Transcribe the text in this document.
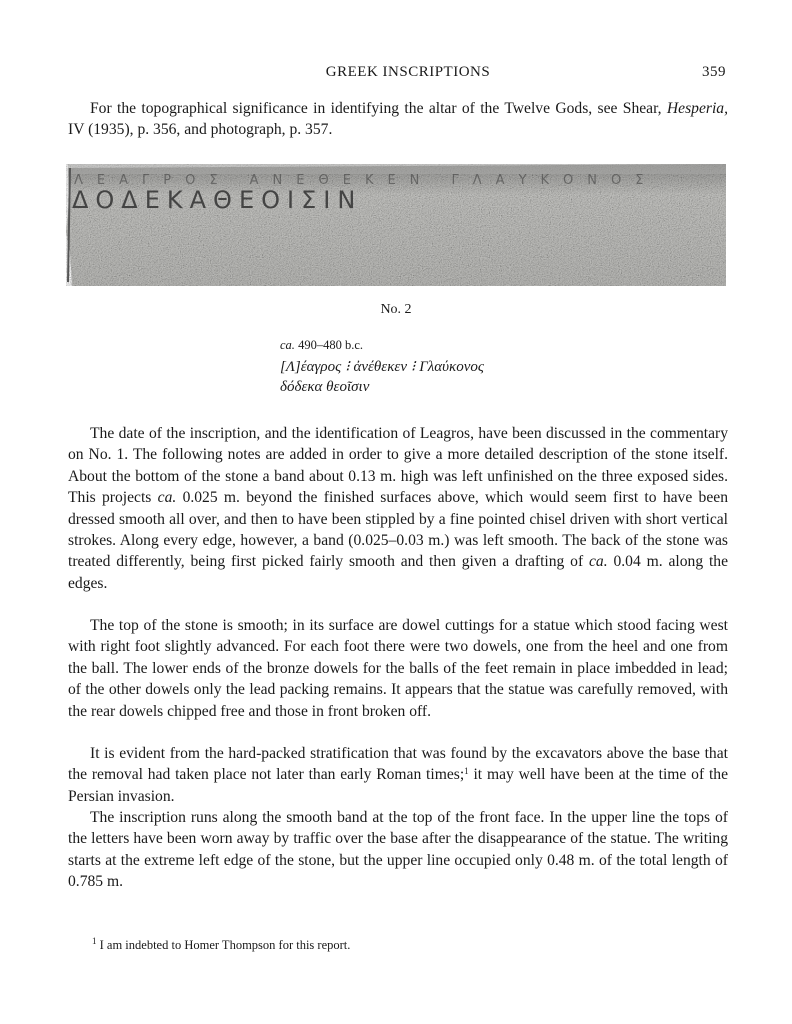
GREEK INSCRIPTIONS	359

For the topographical significance in identifying the altar of the Twelve Gods, see Shear, Hesperia, IV (1935), p. 356, and photograph, p. 357.

ΛΕΑΓΡΟΣ ΑΝΕΘΕΚΕΝ ΓΛΑΥΚΟΝΟΣ
ΔΟΔΕΚΑΘΕΟΙΣΙΝ
No. 2

ca. 490–480 b.c.

[Λ]έαγρος ⁝ ἀνέθεκεν ⁝ Γλαύκονος

δόδεκα θεοῖσιν

The date of the inscription, and the identification of Leagros, have been discussed in the commentary on No. 1. The following notes are added in order to give a more detailed description of the stone itself. About the bottom of the stone a band about 0.13 m. high was left unfinished on the three exposed sides. This projects ca. 0.025 m. beyond the finished surfaces above, which would seem first to have been dressed smooth all over, and then to have been stippled by a fine pointed chisel driven with short vertical strokes. Along every edge, however, a band (0.025–0.03 m.) was left smooth. The back of the stone was treated differently, being first picked fairly smooth and then given a drafting of ca. 0.04 m. along the edges.

The top of the stone is smooth; in its surface are dowel cuttings for a statue which stood facing west with right foot slightly advanced. For each foot there were two dowels, one from the heel and one from the ball. The lower ends of the bronze dowels for the balls of the feet remain in place imbedded in lead; of the other dowels only the lead packing remains. It appears that the statue was carefully removed, with the rear dowels chipped free and those in front broken off.

It is evident from the hard-packed stratification that was found by the excavators above the base that the removal had taken place not later than early Roman times;$^1$ it may well have been at the time of the Persian invasion.

The inscription runs along the smooth band at the top of the front face. In the upper line the tops of the letters have been worn away by traffic over the base after the disappearance of the statue. The writing starts at the extreme left edge of the stone, but the upper line occupied only 0.48 m. of the total length of 0.785 m.

$^1$ I am indebted to Homer Thompson for this report.
